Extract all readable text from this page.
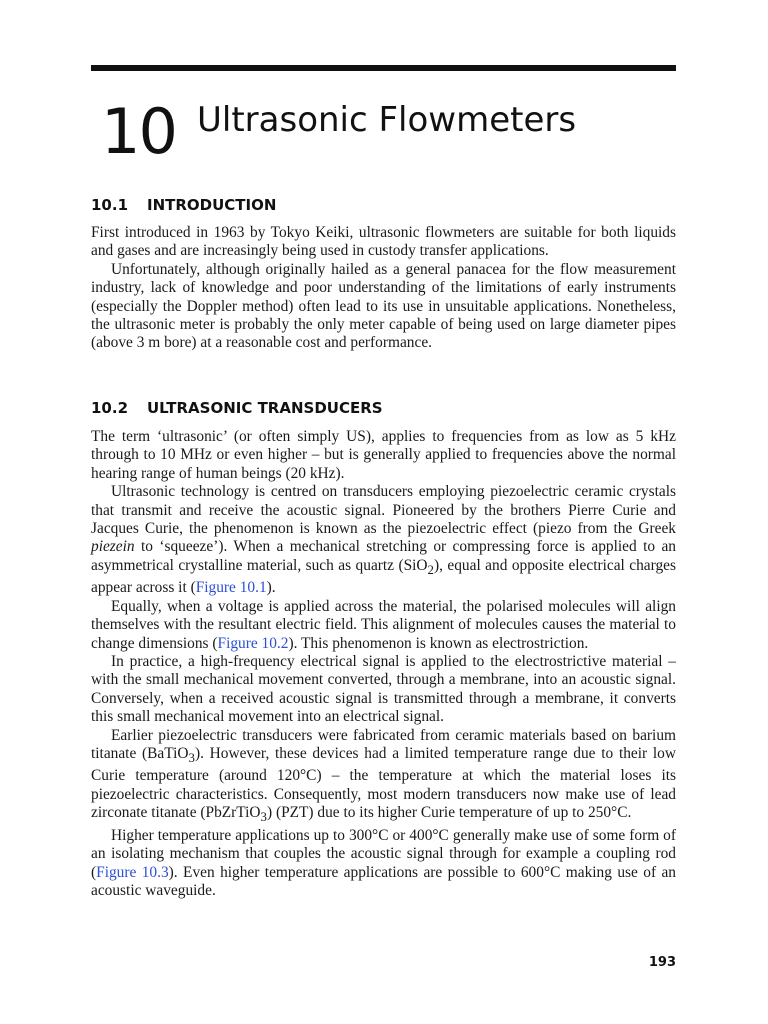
10 Ultrasonic Flowmeters
10.1 INTRODUCTION

First introduced in 1963 by Tokyo Keiki, ultrasonic flowmeters are suitable for both liquids and gases and are increasingly being used in custody transfer applications.

Unfortunately, although originally hailed as a general panacea for the flow measurement industry, lack of knowledge and poor understanding of the limitations of early instruments (especially the Doppler method) often lead to its use in unsuitable applications. Nonetheless, the ultrasonic meter is probably the only meter capable of being used on large diameter pipes (above 3 m bore) at a reasonable cost and performance.

10.2 ULTRASONIC TRANSDUCERS

The term ‘ultrasonic’ (or often simply US), applies to frequencies from as low as 5 kHz through to 10 MHz or even higher – but is generally applied to frequencies above the normal hearing range of human beings (20 kHz).

Ultrasonic technology is centred on transducers employing piezoelectric ceramic crystals that transmit and receive the acoustic signal. Pioneered by the brothers Pierre Curie and Jacques Curie, the phenomenon is known as the piezoelectric effect (piezo from the Greek piezein to ‘squeeze’). When a mechanical stretching or compressing force is applied to an asymmetrical crystalline material, such as quartz (SiO$_2$), equal and opposite electrical charges appear across it (Figure 10.1).

Equally, when a voltage is applied across the material, the polarised molecules will align themselves with the resultant electric field. This alignment of molecules causes the material to change dimensions (Figure 10.2). This phenomenon is known as electrostriction.

In practice, a high-frequency electrical signal is applied to the electrostrictive material – with the small mechanical movement converted, through a membrane, into an acoustic signal. Conversely, when a received acoustic signal is transmitted through a membrane, it converts this small mechanical movement into an electrical signal.

Earlier piezoelectric transducers were fabricated from ceramic materials based on barium titanate (BaTiO$_3$). However, these devices had a limited temperature range due to their low Curie temperature (around 120°C) – the temperature at which the material loses its piezoelectric characteristics. Consequently, most modern transducers now make use of lead zirconate titanate (PbZrTiO$_3$) (PZT) due to its higher Curie temperature of up to 250°C.

Higher temperature applications up to 300°C or 400°C generally make use of some form of an isolating mechanism that couples the acoustic signal through for example a coupling rod (Figure 10.3). Even higher temperature applications are possible to 600°C making use of an acoustic waveguide.

193
